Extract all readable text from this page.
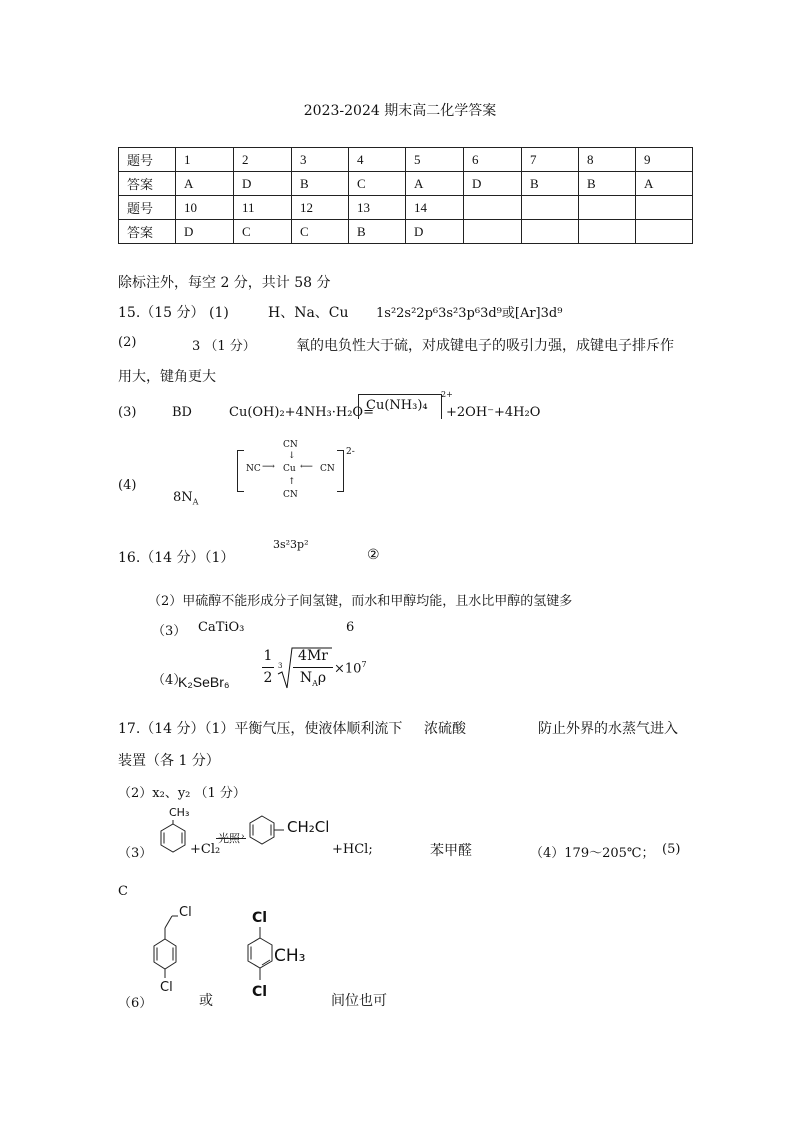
2023-2024 期末高二化学答案
题号	1	2	3	4	5	6	7	8	9
答案	A	D	B	C	A	D	B	B	A
题号	10	11	12	13	14				
答案	D	C	C	B	D				
除标注外，每空 2 分，共计 58 分
15.（15 分） (1)	H、Na、Cu 1s²2s²2p⁶3s²3p⁶3d⁹或[Ar]3d⁹
(2)	3 （1 分）	氧的电负性大于硫，对成键电子的吸引力强，成键电子排斥作
用大，键角更大
(3)	BD	Cu(OH)₂+4NH₃·H₂O=
Cu(NH₃)₄
2+
+2OH⁻+4H₂O
(4)
$8N_A$
2-
CN
↓
NC ⟶ Cu ⟵ CN
↑
CN
16.（14 分）（1）
3s²3p²
②
（2）甲硫醇不能形成分子间氢键，而水和甲醇均能，且水比甲醇的氢键多
（3） CaTiO₃	6
（4）
K₂SeBr₆
1
2
3
4Mr
$N_A\rho$
$\times 10^7$
17.（14 分）（1）平衡气压，使液体顺利流下 浓硫酸	防止外界的水蒸气进入
装置（各 1 分）
（2）x₂、y₂ （1 分）
（3）
CH₃
+Cl₂
光照 ›
CH₂Cl
+HCl;	苯甲醛	（4）179～205℃； (5)
C
（6）
Cl
Cl
或
Cl
CH₃
Cl
间位也可
